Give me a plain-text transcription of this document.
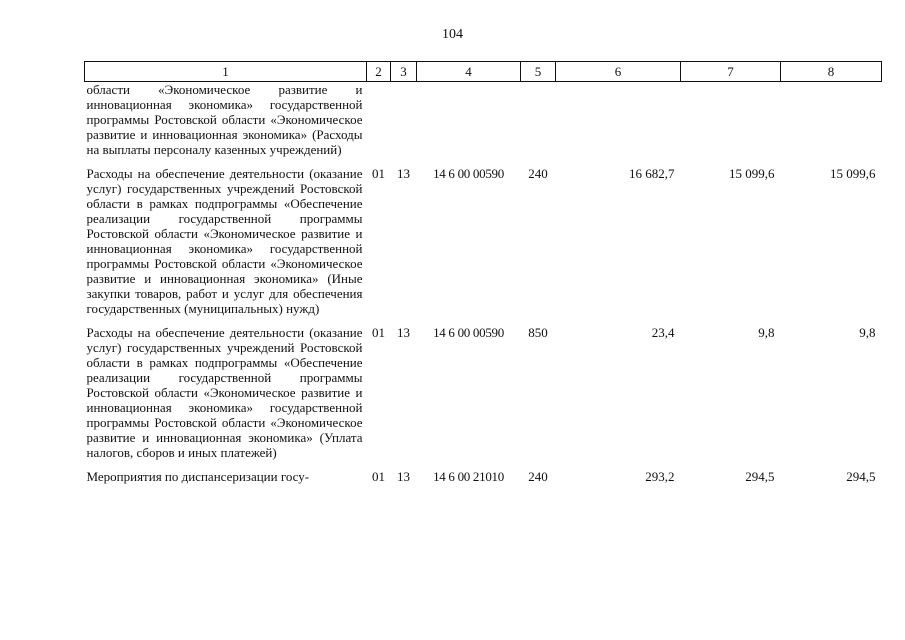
104
1	2	3	4	5	6	7	8
области «Экономическое развитие и инновационная экономика» государственной программы Ростовской области «Экономическое развитие и инновационная экономика» (Расходы на выплаты персоналу казенных учреждений)							
Расходы на обеспечение деятельности (оказание услуг) государственных учреждений Ростовской области в рамках подпрограммы «Обеспечение реализации государственной программы Ростовской области «Экономическое развитие и инновационная экономика» государственной программы Ростовской области «Экономическое развитие и инновационная экономика» (Иные закупки товаров, работ и услуг для обеспечения государственных (муниципальных) нужд)	01	13	14 6 00 00590	240	16 682,7	15 099,6	15 099,6
Расходы на обеспечение деятельности (оказание услуг) государственных учреждений Ростовской области в рамках подпрограммы «Обеспечение реализации государственной программы Ростовской области «Экономическое развитие и инновационная экономика» государственной программы Ростовской области «Экономическое развитие и инновационная экономика» (Уплата налогов, сборов и иных платежей)	01	13	14 6 00 00590	850	23,4	9,8	9,8
Мероприятия по диспансеризации госу-	01	13	14 6 00 21010	240	293,2	294,5	294,5
